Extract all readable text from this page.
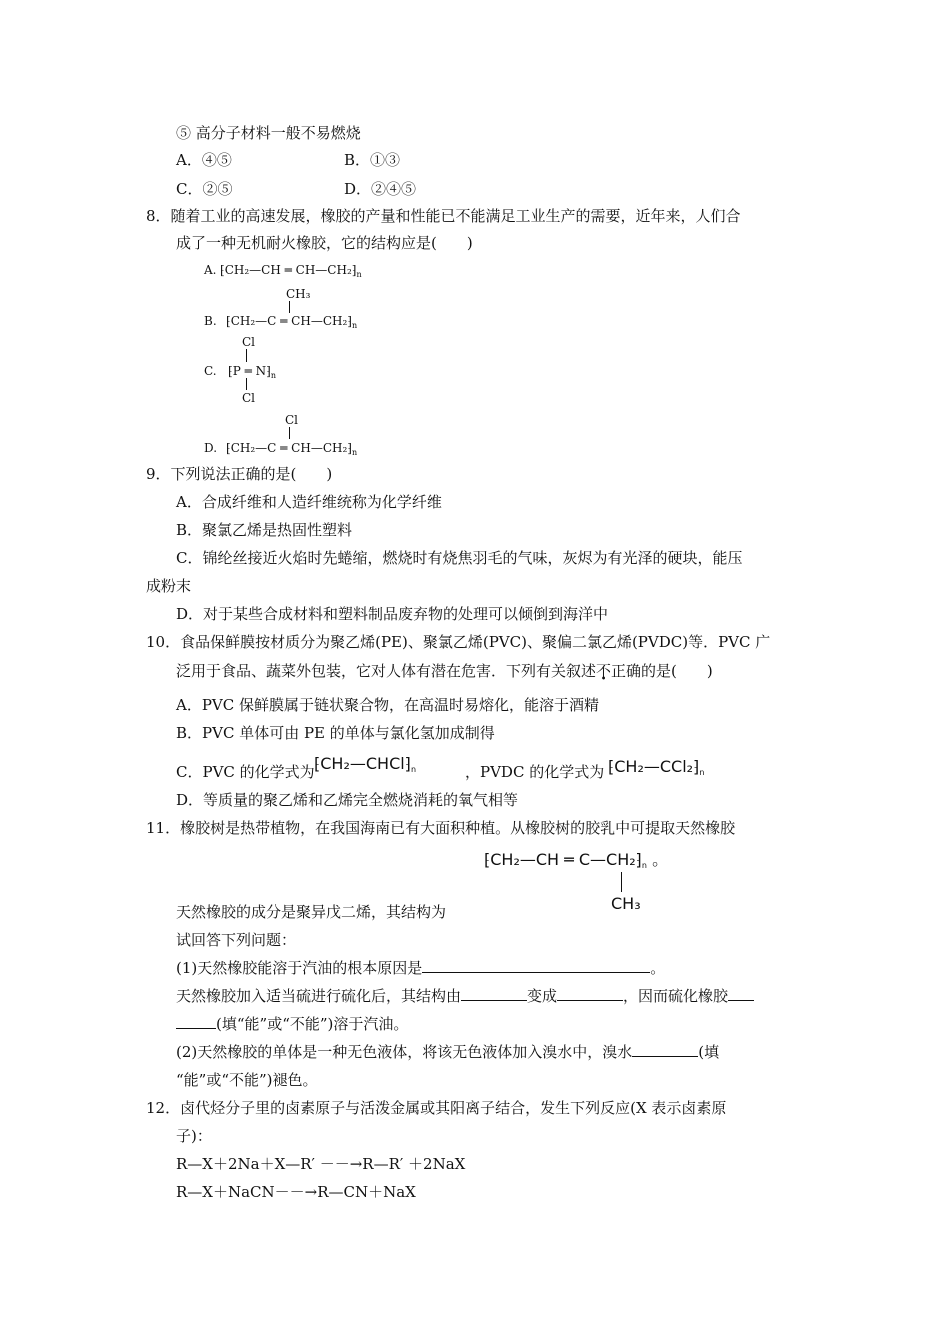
⑤ 高分子材料一般不易燃烧
A．④⑤	B．①③
C．②⑤	D．②④⑤
8．随着工业的高速发展，橡胶的产量和性能已不能满足工业生产的需要，近年来，人们合
成了一种无机耐火橡胶，它的结构应是(　　)
A. ⁅CH₂—CH ═ $CH—CH_2⁆_n$
CH₃
B. ⁅CH₂—C ═ $CH—CH_2⁆_n$
Cl
C. ⁅P ═ $N⁆_n$
Cl
Cl
D. ⁅CH₂—C ═ $CH—CH_2⁆_n$
9．下列说法正确的是(　　)
A．合成纤维和人造纤维统称为化学纤维
B．聚氯乙烯是热固性塑料
C．锦纶丝接近火焰时先蜷缩，燃烧时有烧焦羽毛的气味，灰烬为有光泽的硬块，能压
成粉末
D．对于某些合成材料和塑料制品废弃物的处理可以倾倒到海洋中
10．食品保鲜膜按材质分为聚乙烯(PE)、聚氯乙烯(PVC)、聚偏二氯乙烯(PVDC)等．PVC 广
泛用于食品、蔬菜外包装，它对人体有潜在危害．下列有关叙述不正确的是(　　)
A．PVC 保鲜膜属于链状聚合物，在高温时易熔化，能溶于酒精
B．PVC 单体可由 PE 的单体与氯化氢加成制得
C．PVC 的化学式为 ⁅CH₂—CHCl⁆n	，PVDC 的化学式为 ⁅CH₂—CCl₂⁆n
D．等质量的聚乙烯和乙烯完全燃烧消耗的氧气相等
11．橡胶树是热带植物，在我国海南已有大面积种植。从橡胶树的胶乳中可提取天然橡胶
⁅CH₂—CH ═ C—CH₂⁆n 。
CH₃
天然橡胶的成分是聚异戊二烯，其结构为
试回答下列问题：
(1)天然橡胶能溶于汽油的根本原因是	。
天然橡胶加入适当硫进行硫化后，其结构由	变成	，因而硫化橡胶
(填“能”或“不能”)溶于汽油。
(2)天然橡胶的单体是一种无色液体，将该无色液体加入溴水中，溴水	(填
“能”或“不能”)褪色。
12．卤代烃分子里的卤素原子与活泼金属或其阳离子结合，发生下列反应(X 表示卤素原
子)：
R—X＋2Na＋X—R′ －－→R—R′ ＋2NaX
R—X＋NaCN－－→R—CN＋NaX
